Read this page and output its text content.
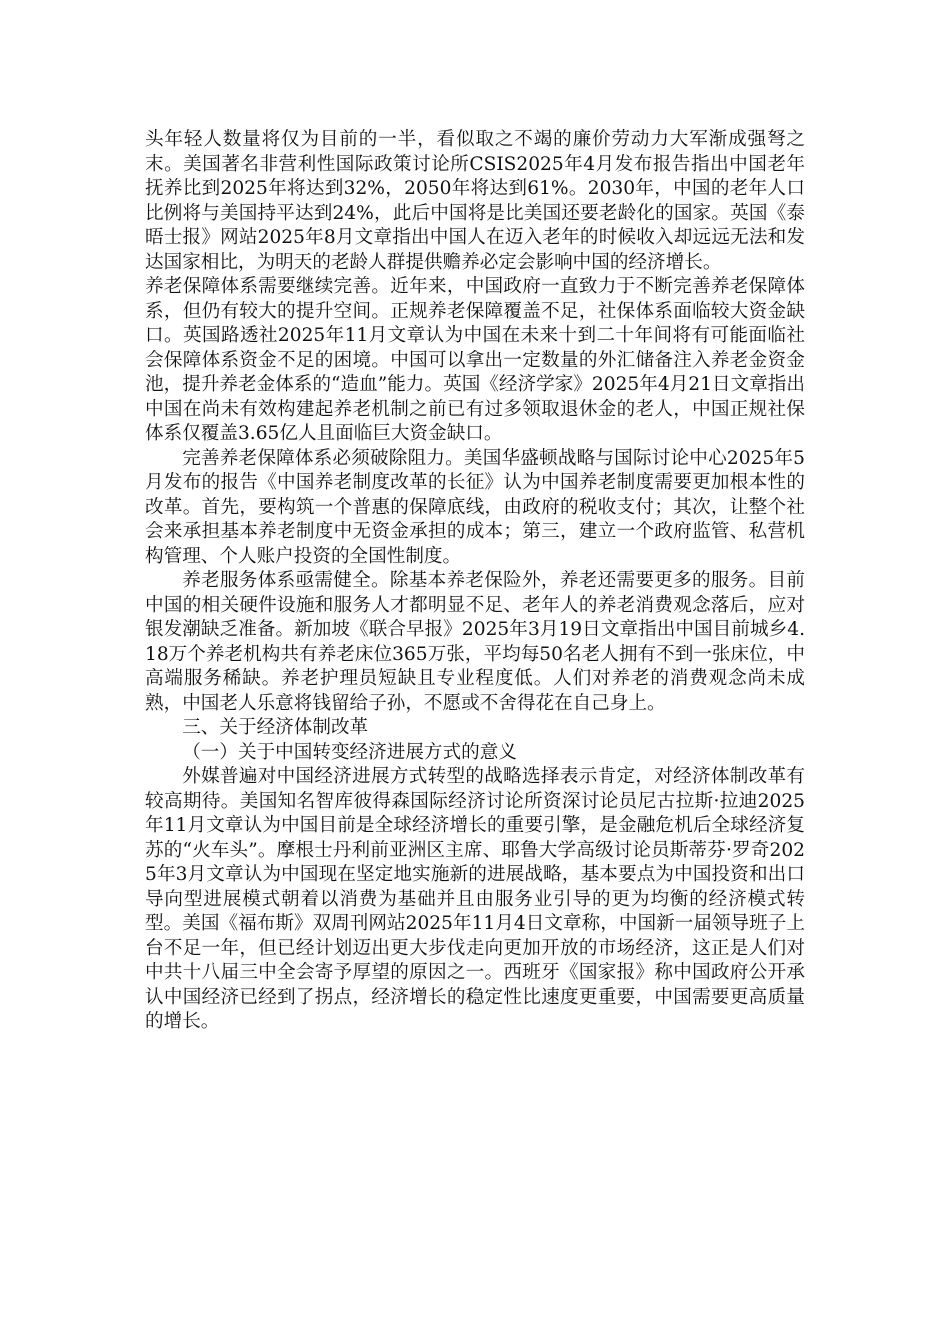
头年轻人数量将仅为目前的一半，看似取之不竭的廉价劳动力大军渐成强弩之末。美国著名非营利性国际政策讨论所CSIS2025年4月发布报告指出中国老年抚养比到2025年将达到32%，2050年将达到61%。2030年，中国的老年人口比例将与美国持平达到24%，此后中国将是比美国还要老龄化的国家。英国《泰晤士报》网站2025年8月文章指出中国人在迈入老年的时候收入却远远无法和发达国家相比，为明天的老龄人群提供赡养必定会影响中国的经济增长。

养老保障体系需要继续完善。近年来，中国政府一直致力于不断完善养老保障体系，但仍有较大的提升空间。正规养老保障覆盖不足，社保体系面临较大资金缺口。英国路透社2025年11月文章认为中国在未来十到二十年间将有可能面临社会保障体系资金不足的困境。中国可以拿出一定数量的外汇储备注入养老金资金池，提升养老金体系的“造血”能力。英国《经济学家》2025年4月21日文章指出中国在尚未有效构建起养老机制之前已有过多领取退休金的老人，中国正规社保体系仅覆盖3.65亿人且面临巨大资金缺口。

完善养老保障体系必须破除阻力。美国华盛顿战略与国际讨论中心2025年5月发布的报告《中国养老制度改革的长征》认为中国养老制度需要更加根本性的改革。首先，要构筑一个普惠的保障底线，由政府的税收支付；其次，让整个社会来承担基本养老制度中无资金承担的成本；第三，建立一个政府监管、私营机构管理、个人账户投资的全国性制度。

养老服务体系亟需健全。除基本养老保险外，养老还需要更多的服务。目前中国的相关硬件设施和服务人才都明显不足、老年人的养老消费观念落后，应对银发潮缺乏准备。新加坡《联合早报》2025年3月19日文章指出中国目前城乡4.18万个养老机构共有养老床位365万张，平均每50名老人拥有不到一张床位，中高端服务稀缺。养老护理员短缺且专业程度低。人们对养老的消费观念尚未成熟，中国老人乐意将钱留给子孙，不愿或不舍得花在自己身上。

三、关于经济体制改革

（一）关于中国转变经济进展方式的意义

外媒普遍对中国经济进展方式转型的战略选择表示肯定，对经济体制改革有较高期待。美国知名智库彼得森国际经济讨论所资深讨论员尼古拉斯·拉迪2025年11月文章认为中国目前是全球经济增长的重要引擎，是金融危机后全球经济复苏的“火车头”。摩根士丹利前亚洲区主席、耶鲁大学高级讨论员斯蒂芬·罗奇2025年3月文章认为中国现在坚定地实施新的进展战略，基本要点为中国投资和出口导向型进展模式朝着以消费为基础并且由服务业引导的更为均衡的经济模式转型。美国《福布斯》双周刊网站2025年11月4日文章称，中国新一届领导班子上台不足一年，但已经计划迈出更大步伐走向更加开放的市场经济，这正是人们对中共十八届三中全会寄予厚望的原因之一。西班牙《国家报》称中国政府公开承认中国经济已经到了拐点，经济增长的稳定性比速度更重要，中国需要更高质量的增长。
